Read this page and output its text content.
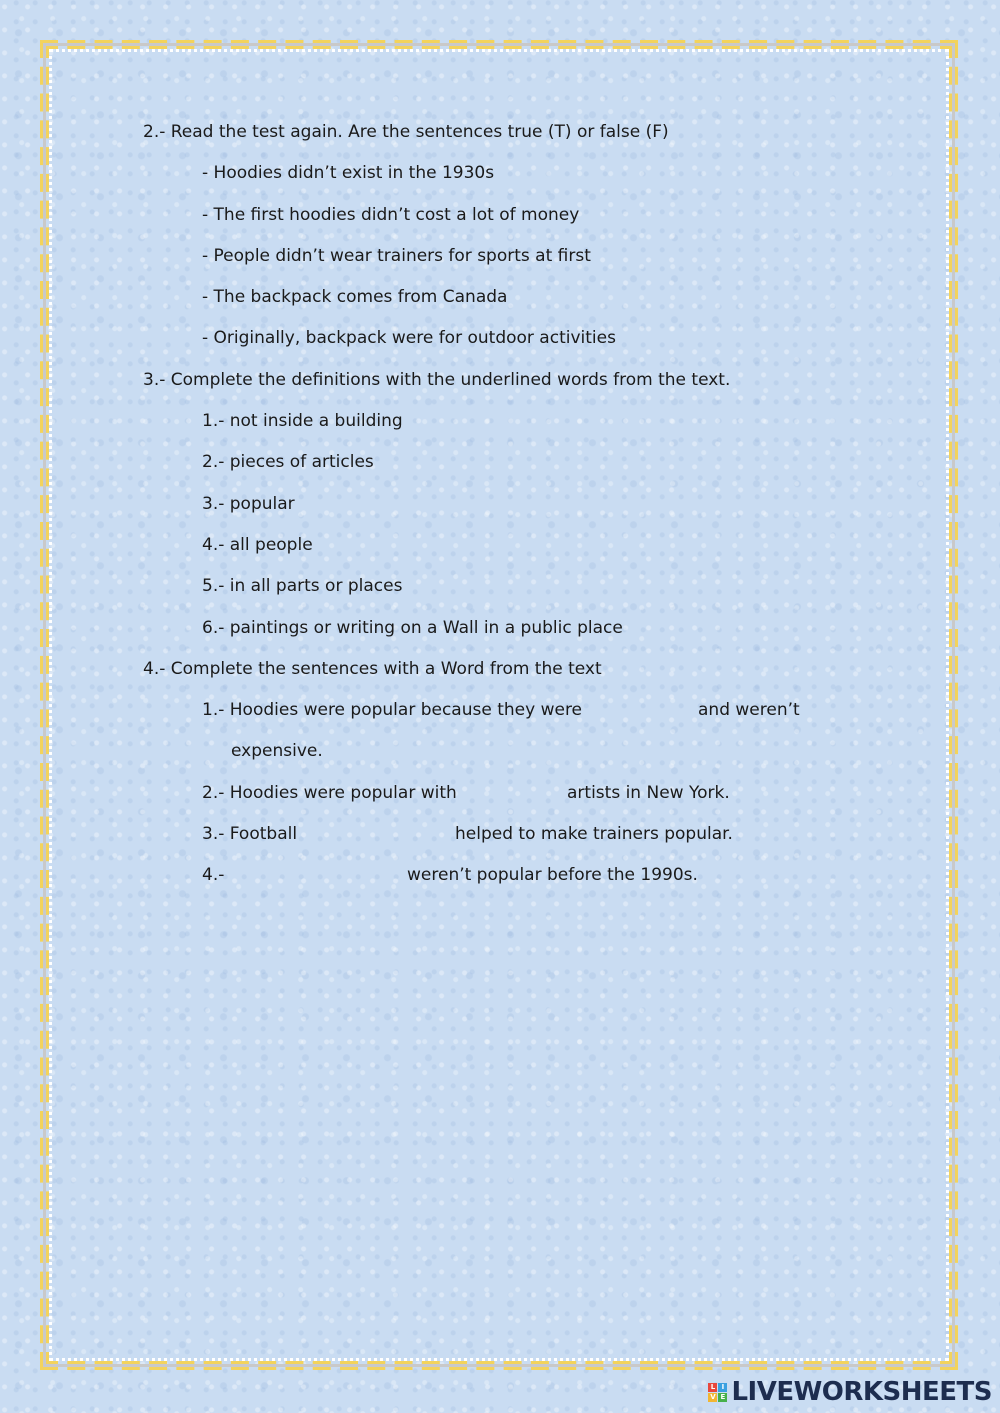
2.- Read the test again. Are the sentences true (T) or false (F)
- Hoodies didn’t exist in the 1930s
- The first hoodies didn’t cost a lot of money
- People didn’t wear trainers for sports at first
- The backpack comes from Canada
- Originally, backpack were for outdoor activities
3.- Complete the definitions with the underlined words from the text.
1.- not inside a building
2.- pieces of articles
3.- popular
4.- all people
5.- in all parts or places
6.- paintings or writing on a Wall in a public place
4.- Complete the sentences with a Word from the text
1.- Hoodies were popular because they were	and weren’t
expensive.
2.- Hoodies were popular with	artists in New York.
3.- Football	helped to make trainers popular.
4.-	weren’t popular before the 1990s.
L I
V E LIVEWORKSHEETS
